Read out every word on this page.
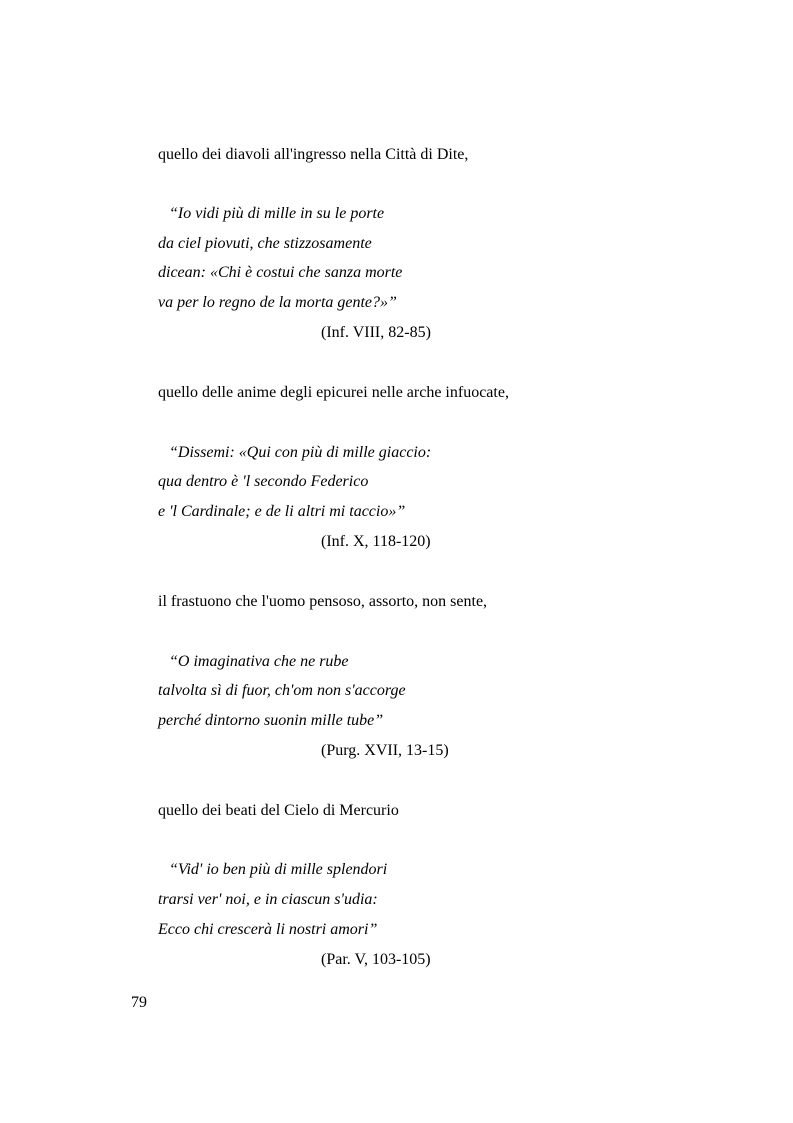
quello dei diavoli all'ingresso nella Città di Dite,
“Io vidi più di mille in su le porte
da ciel piovuti, che stizzosamente
dicean: «Chi è costui che sanza morte
va per lo regno de la morta gente?»”
(Inf. VIII, 82-85)
quello delle anime degli epicurei nelle arche infuocate,
“Dissemi: «Qui con più di mille giaccio:
qua dentro è 'l secondo Federico
e 'l Cardinale; e de li altri mi taccio»”
(Inf. X, 118-120)
il frastuono che l'uomo pensoso, assorto, non sente,
“O imaginativa che ne rube
talvolta sì di fuor, ch'om non s'accorge
perché dintorno suonin mille tube”
(Purg. XVII, 13-15)
quello dei beati del Cielo di Mercurio
“Vid' io ben più di mille splendori
trarsi ver' noi, e in ciascun s'udia:
Ecco chi crescerà li nostri amori”
(Par. V, 103-105)
79
